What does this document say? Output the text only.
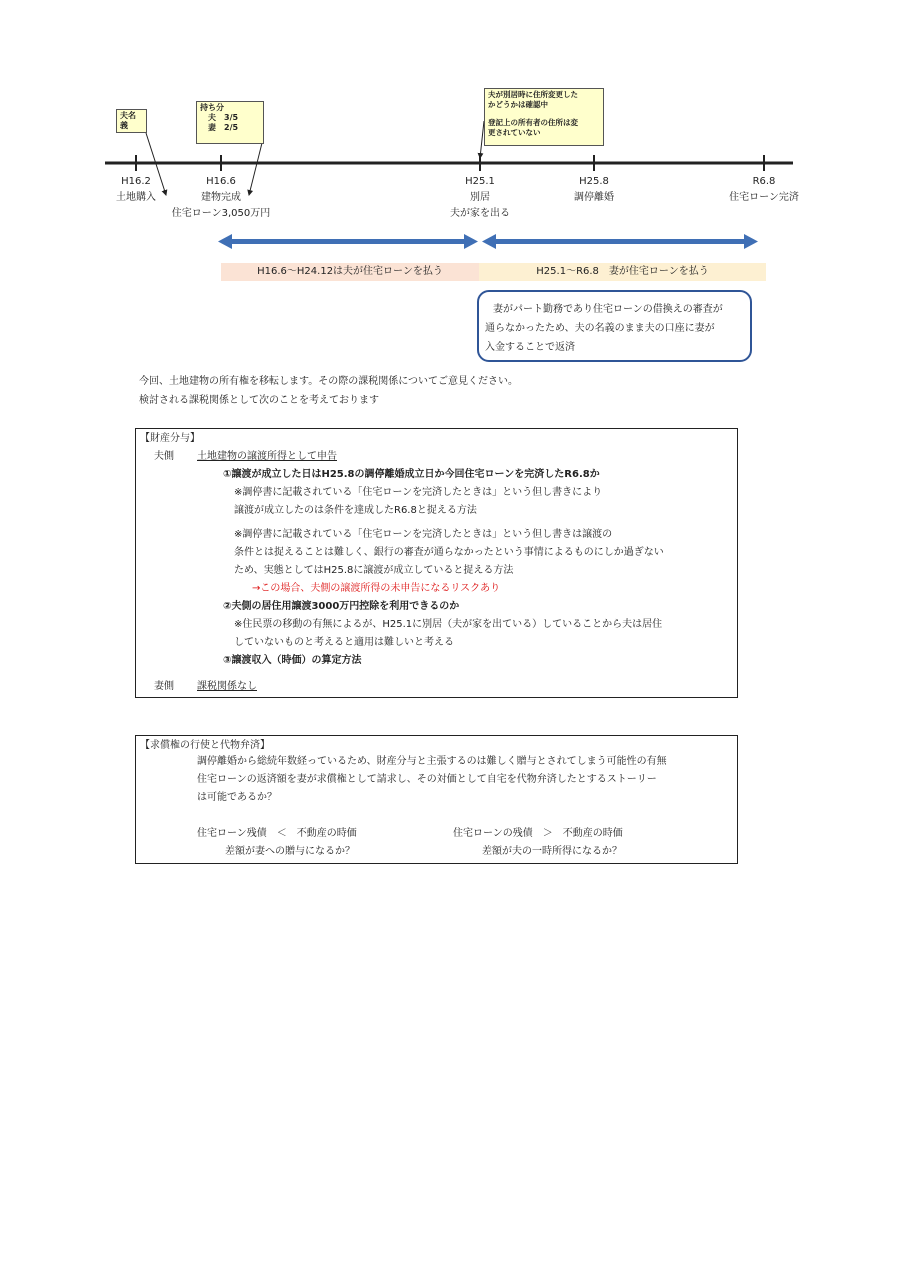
夫名義
持ち分
夫　3/5
妻　2/5
夫が別居時に住所変更した
かどうかは確認中
登記上の所有者の住所は変
更されていない
H16.2
土地購入
H16.6
建物完成
住宅ローン3,050万円
H25.1
別居
夫が家を出る
H25.8
調停離婚
R6.8
住宅ローン完済
H16.6～H24.12は夫が住宅ローンを払う	H25.1～R6.8　妻が住宅ローンを払う
妻がパート勤務であり住宅ローンの借換えの審査が
通らなかったため、夫の名義のまま夫の口座に妻が
入金することで返済
今回、土地建物の所有権を移転します。その際の課税関係についてご意見ください。
検討される課税関係として次のことを考えております
【財産分与】
夫側 土地建物の譲渡所得として申告
①譲渡が成立した日はH25.8の調停離婚成立日か今回住宅ローンを完済したR6.8か
※調停書に記載されている「住宅ローンを完済したときは」という但し書きにより
譲渡が成立したのは条件を達成したR6.8と捉える方法
※調停書に記載されている「住宅ローンを完済したときは」という但し書きは譲渡の
条件とは捉えることは難しく、銀行の審査が通らなかったという事情によるものにしか過ぎない
ため、実態としてはH25.8に譲渡が成立していると捉える方法
→この場合、夫側の譲渡所得の未申告になるリスクあり
②夫側の居住用譲渡3000万円控除を利用できるのか
※住民票の移動の有無によるが、H25.1に別居（夫が家を出ている）していることから夫は居住
していないものと考えると適用は難しいと考える
③譲渡収入（時価）の算定方法
妻側 課税関係なし
【求償権の行使と代物弁済】
調停離婚から総続年数経っているため、財産分与と主張するのは難しく贈与とされてしまう可能性の有無
住宅ローンの返済額を妻が求償権として請求し、その対価として自宅を代物弁済したとするストーリー
は可能であるか？
住宅ローン残債　＜　不動産の時価
差額が妻への贈与になるか？
住宅ローンの残債　＞　不動産の時価
差額が夫の一時所得になるか？
